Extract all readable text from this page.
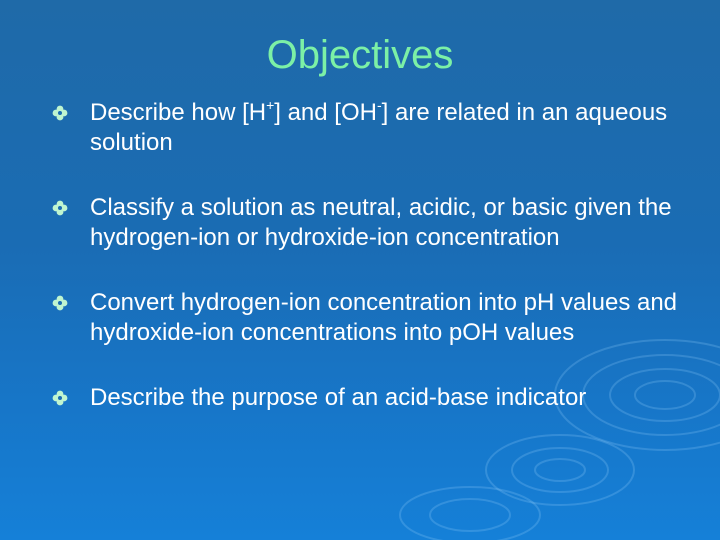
Objectives
Describe how [H+] and [OH-] are related in an aqueous solution
Classify a solution as neutral, acidic, or basic given the hydrogen-ion or hydroxide-ion concentration
Convert hydrogen-ion concentration into pH values and hydroxide-ion concentrations into pOH values
Describe the purpose of an acid-base indicator
